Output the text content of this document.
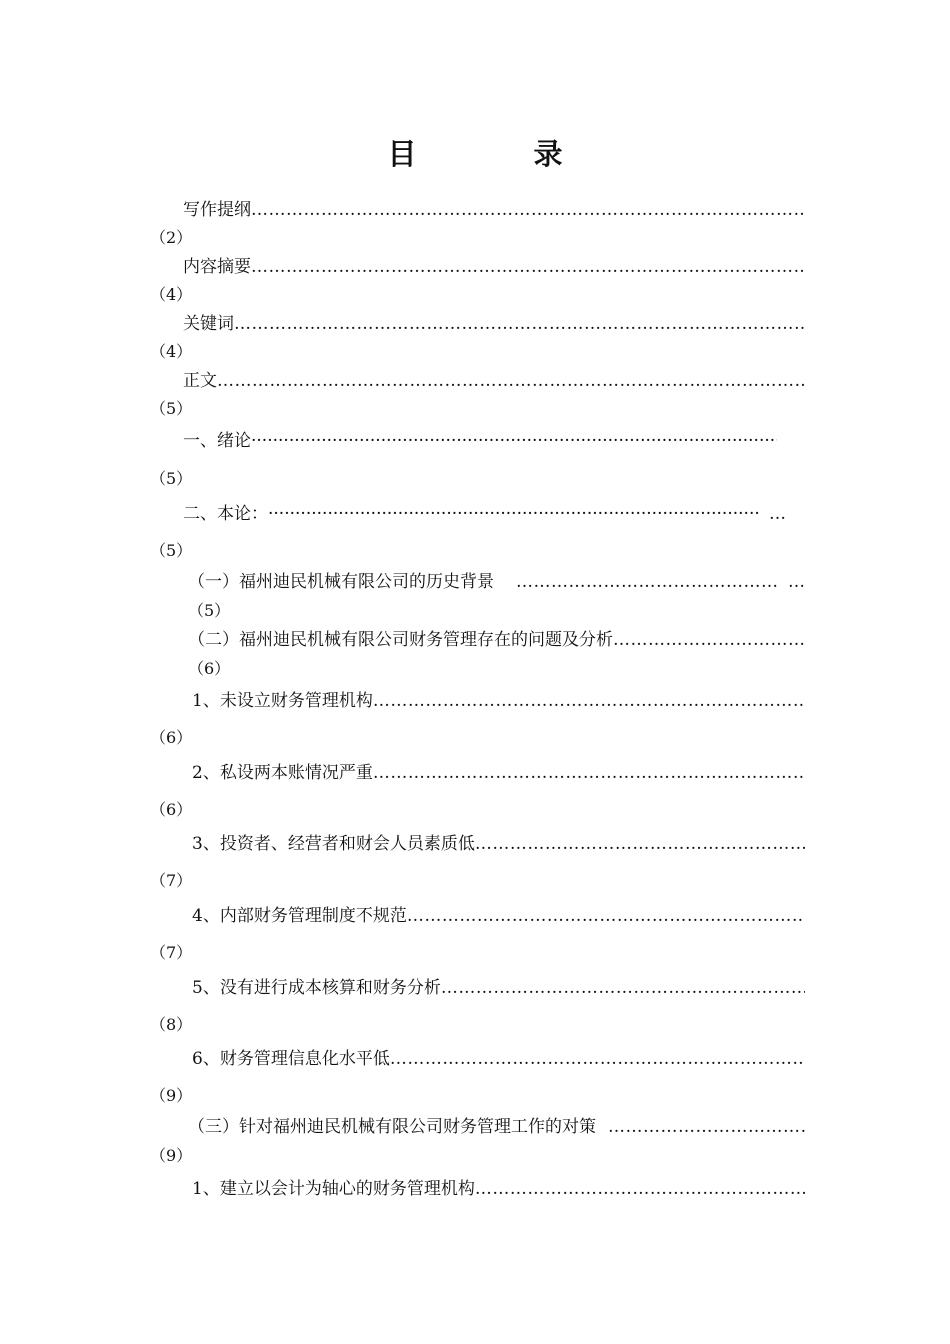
目　录
写作提纲
……………………………………………………………………………………………………………………………………………………………………………
（2）
内容摘要
……………………………………………………………………………………………………………………………………………………………………………
（4）
关键词
……………………………………………………………………………………………………………………………………………………………………………
（4）
正文
……………………………………………………………………………………………………………………………………………………………………………
（5）
一、绪论
·····
（5）
二、本论： ·····	…
（5）
（一）福州迪民机械有限公司的历史背景 ……………………………………………………………………………………………………………………………………………………………………………	…
（5）
（二）福州迪民机械有限公司财务管理存在的问题及分析
……………………………………………………………………………………………………………………………………………………………………………
（6）
1、未设立财务管理机构
……………………………………………………………………………………………………………………………………………………………………………
（6）
2、私设两本账情况严重
……………………………………………………………………………………………………………………………………………………………………………
（6）
3、投资者、经营者和财会人员素质低
……………………………………………………………………………………………………………………………………………………………………………
（7）
4、内部财务管理制度不规范
……………………………………………………………………………………………………………………………………………………………………………
（7）
5、没有进行成本核算和财务分析
……………………………………………………………………………………………………………………………………………………………………………
（8）
6、财务管理信息化水平低
……………………………………………………………………………………………………………………………………………………………………………
（9）
（三）针对福州迪民机械有限公司财务管理工作的对策
……………………………………………………………………………………………………………………………………………………………………………
（9）
1、建立以会计为轴心的财务管理机构
……………………………………………………………………………………………………………………………………………………………………………
